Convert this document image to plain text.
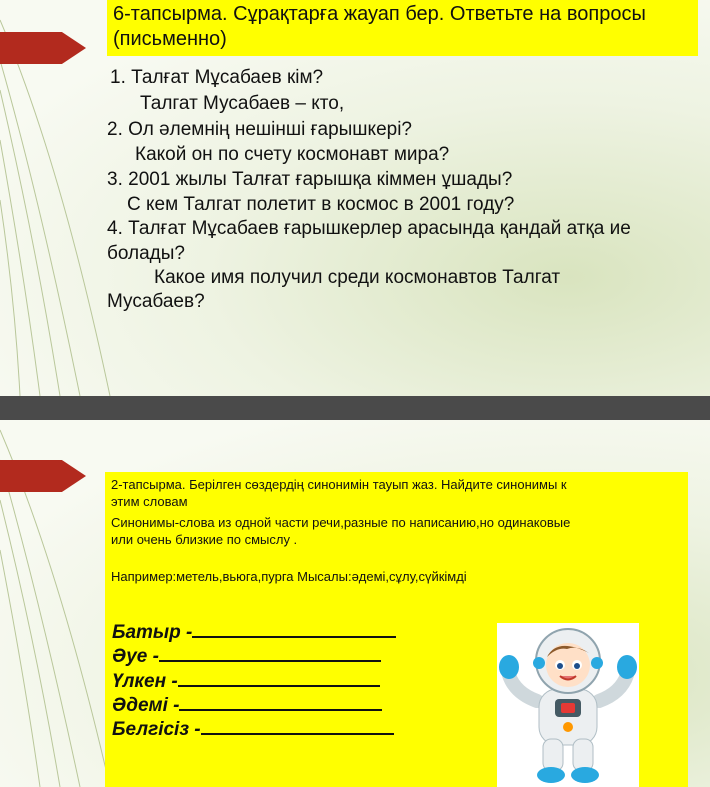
6-тапсырма. Сұрақтарға жауап бер. Ответьте на вопросы (письменно)
1. Талғат Мұсабаев кім?
Талгат Мусабаев – кто,
2. Ол әлемнің нешінші ғарышкері?
Какой он по счету космонавт мира?
3. 2001 жылы Талғат ғарышқа кіммен ұшады?
С кем Талгат полетит в космос в 2001 году?
4. Талғат Мұсабаев ғарышкерлер арасында қандай атқа ие
болады?
Какое имя получил среди космонавтов Талгат
Мусабаев?
2-тапсырма. Берілген сөздердің синонимін тауып жаз. Найдите синонимы к
этим словам
Синонимы-слова из одной части речи,разные по написанию,но одинаковые
или очень близкие по смыслу .
Например:метель,вьюга,пурга Мысалы:әдемі,сұлу,сүйкімді
Батыр -
Әуе -
Үлкен -
Әдемі -
Белгісіз -
